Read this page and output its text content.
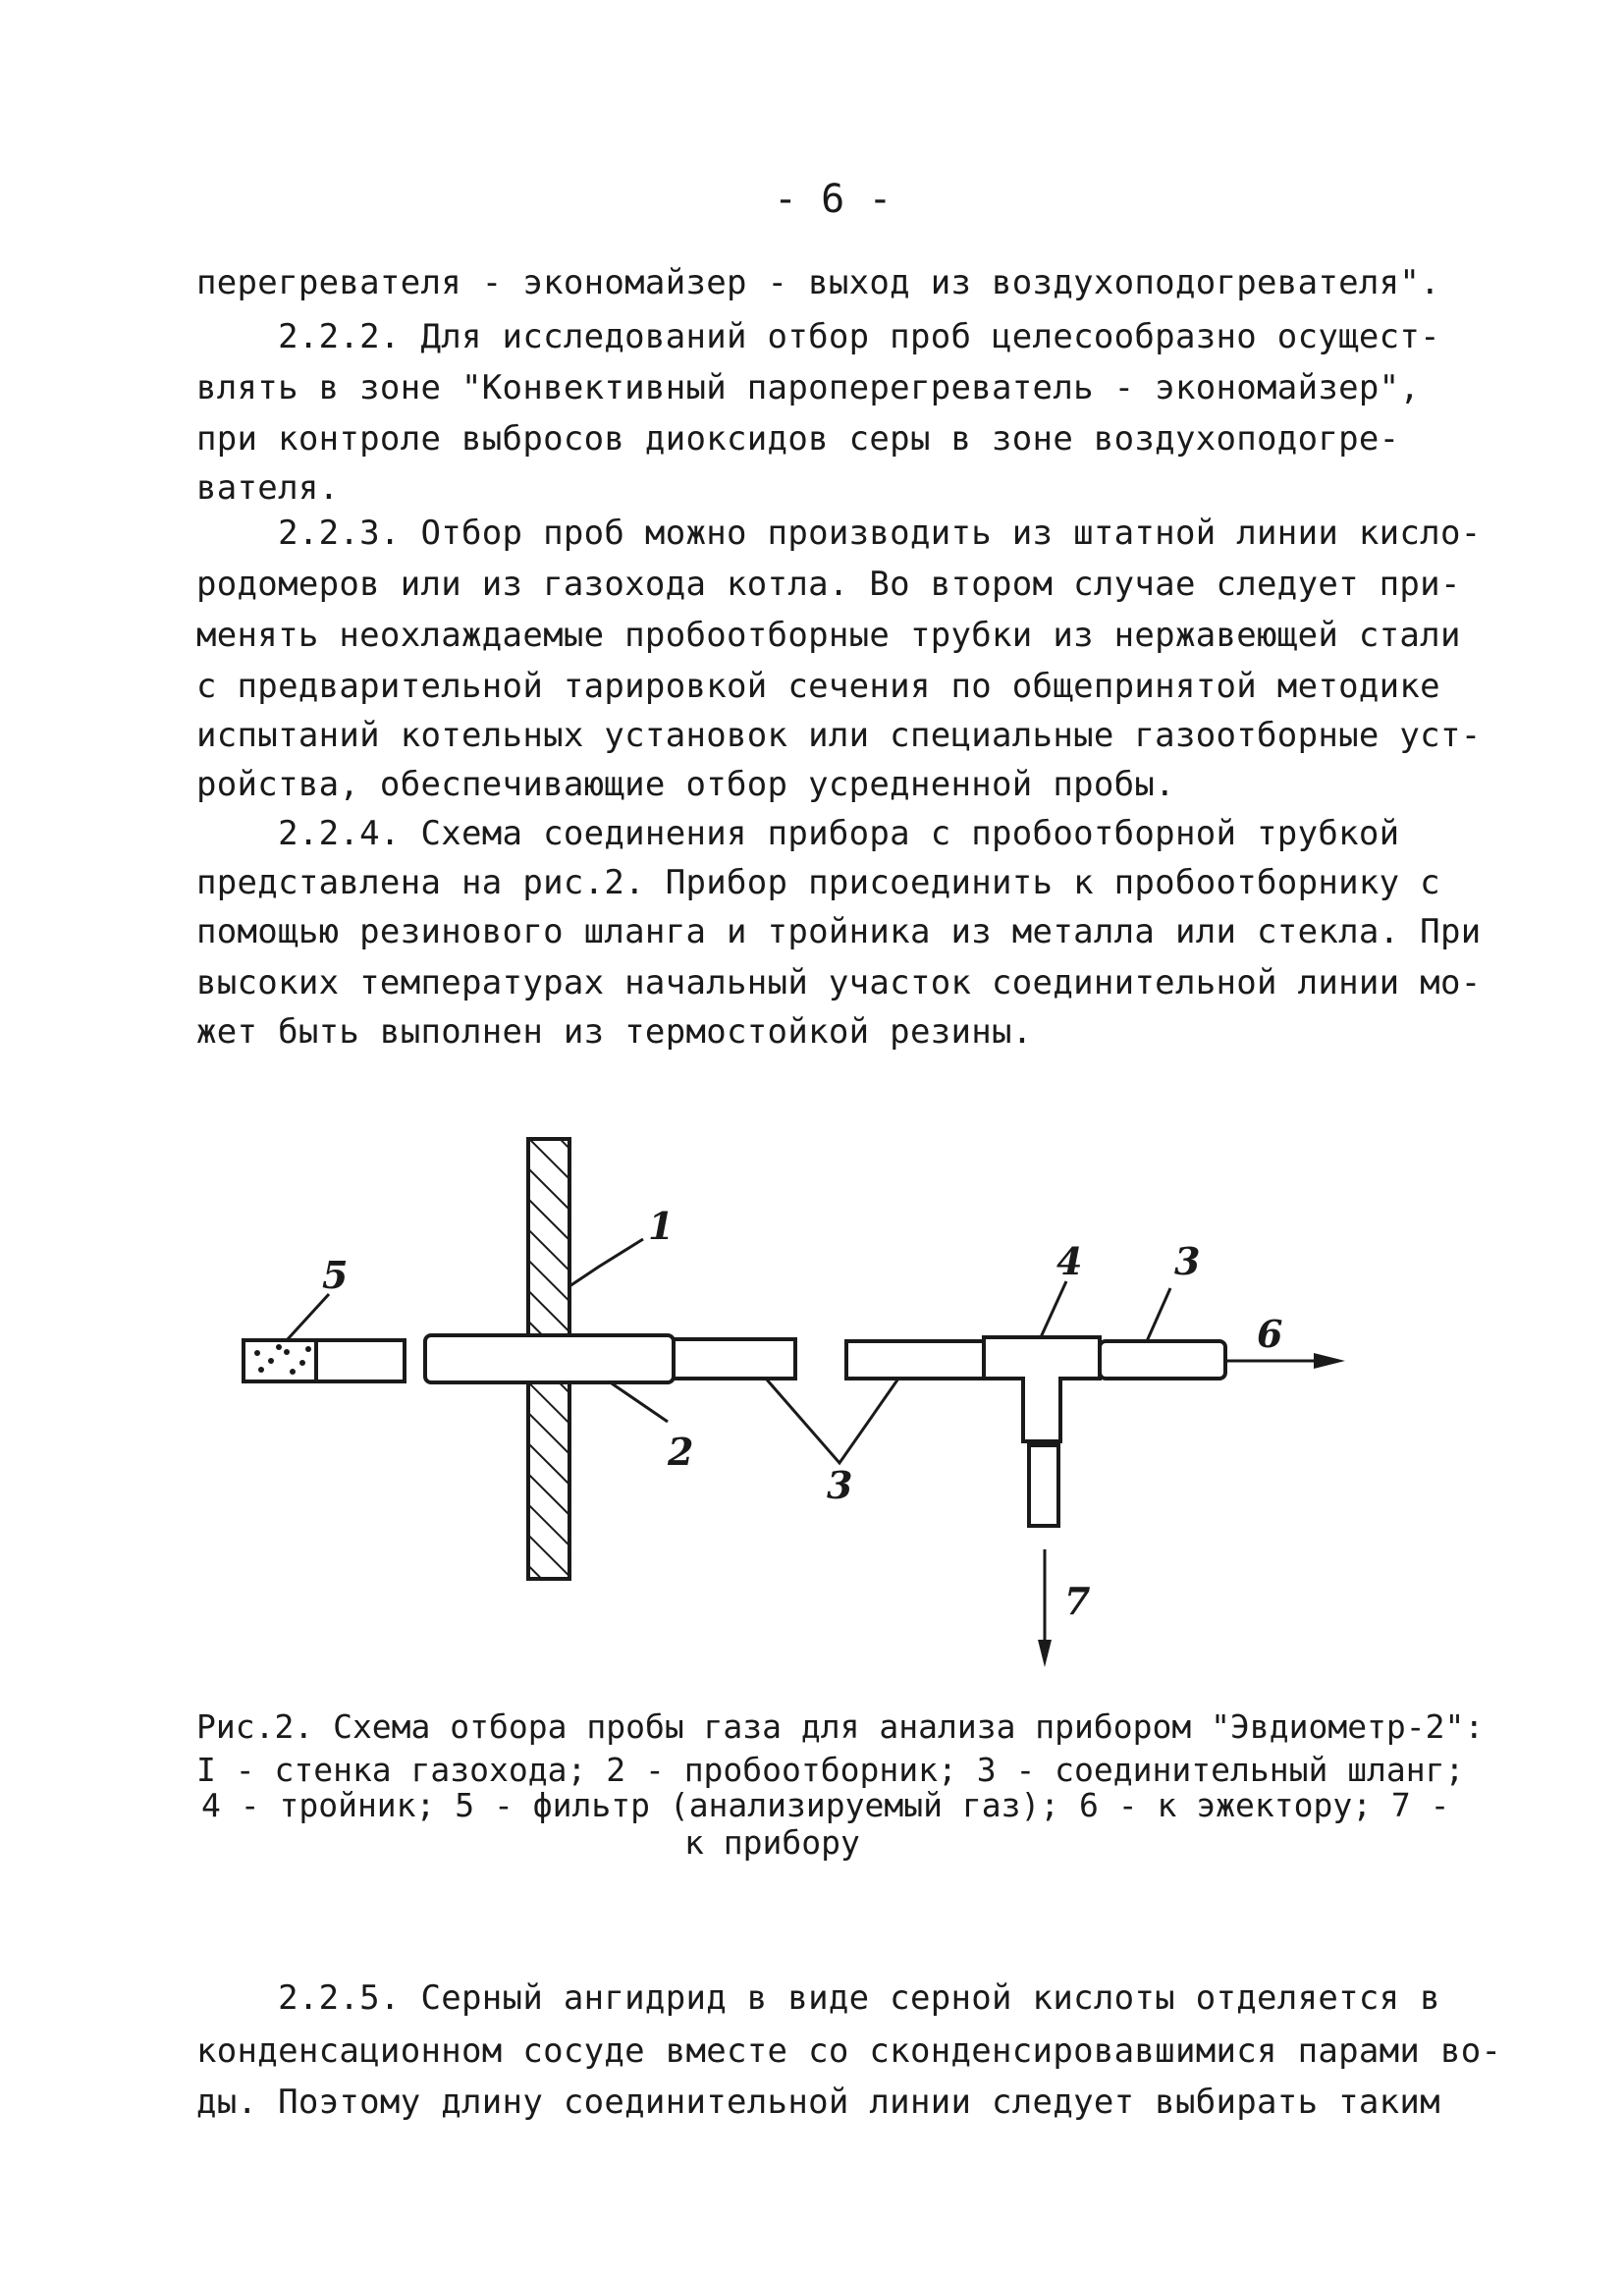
- 6 -
перегревателя - экономайзер - выход из воздухоподогревателя".
2.2.2. Для исследований отбор проб целесообразно осущест-
влять в зоне "Конвективный пароперегреватель - экономайзер",
при контроле выбросов диоксидов серы в зоне воздухоподогре-
вателя.
2.2.3. Отбор проб можно производить из штатной линии кисло-
родомеров или из газохода котла. Во втором случае следует при-
менять неохлаждаемые пробоотборные трубки из нержавеющей стали
с предварительной тарировкой сечения по общепринятой методике
испытаний котельных установок или специальные газоотборные уст-
ройства, обеспечивающие отбор усредненной пробы.
2.2.4. Схема соединения прибора с пробоотборной трубкой
представлена на рис.2. Прибор присоединить к пробоотборнику с
помощью резинового шланга и тройника из металла или стекла. При
высоких температурах начальный участок соединительной линии мо-
жет быть выполнен из термостойкой резины.
1
2
3
3
4
5
6
7
Рис.2. Схема отбора пробы газа для анализа прибором "Эвдиометр-2":
I - стенка газохода; 2 - пробоотборник; 3 - соединительный шланг;
4 - тройник; 5 - фильтр (анализируемый газ); 6 - к эжектору; 7 -
к прибору
2.2.5. Серный ангидрид в виде серной кислоты отделяется в
конденсационном сосуде вместе со сконденсировавшимися парами во-
ды. Поэтому длину соединительной линии следует выбирать таким
